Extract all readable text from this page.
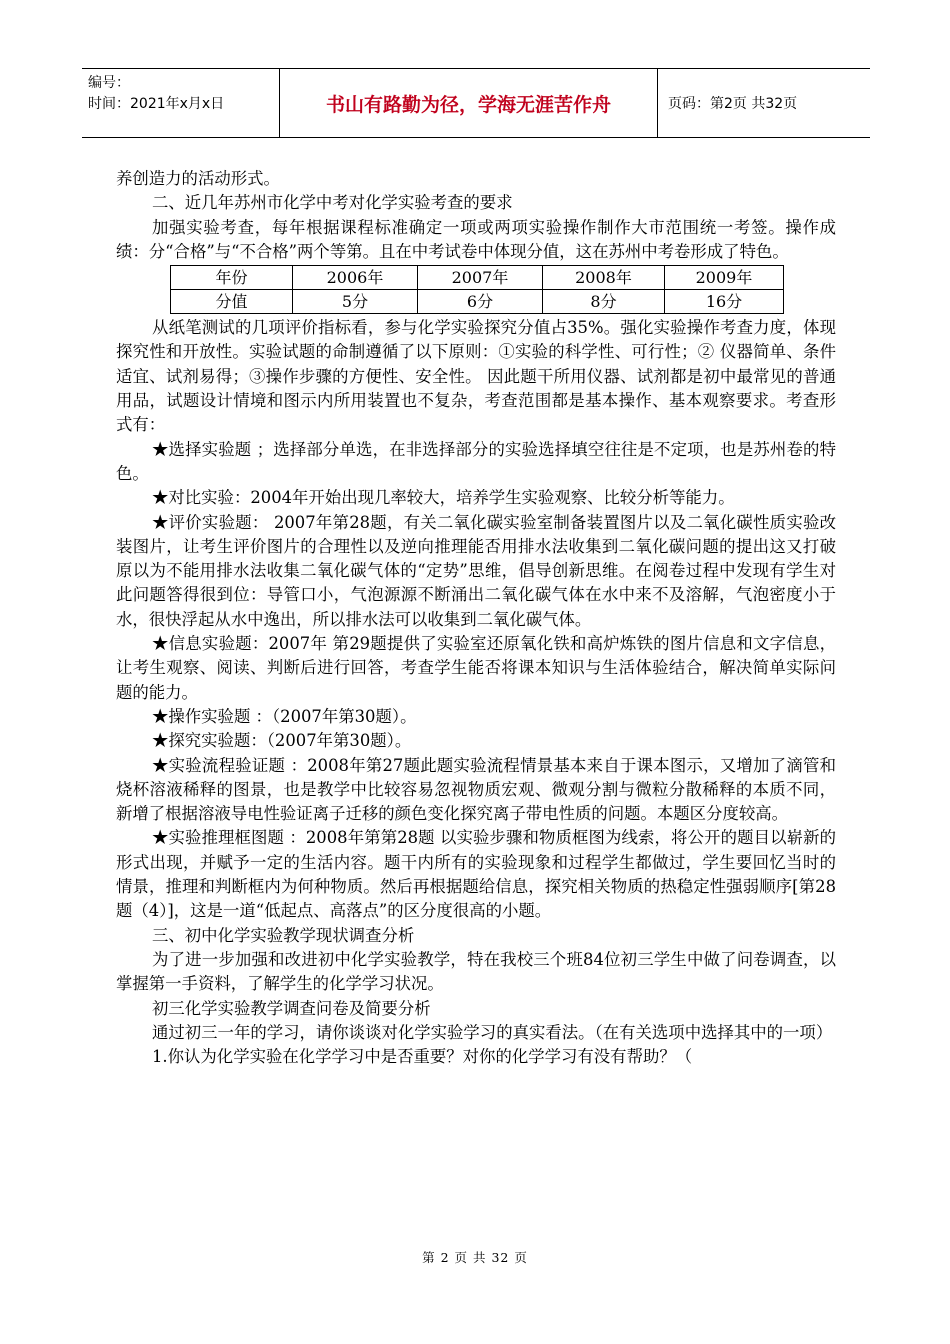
编号：
时间：2021年x月x日	书山有路勤为径，学海无涯苦作舟	页码：第2页 共32页

养创造力的活动形式。

二、近几年苏州市化学中考对化学实验考查的要求

加强实验考查，每年根据课程标准确定一项或两项实验操作制作大市范围统一考签。操作成绩：分“合格”与“不合格”两个等第。且在中考试卷中体现分值，这在苏州中考卷形成了特色。

年份	2006年	2007年	2008年	2009年
分值	5分	6分	8分	16分

从纸笔测试的几项评价指标看，参与化学实验探究分值占35%。强化实验操作考查力度，体现探究性和开放性。实验试题的命制遵循了以下原则：①实验的科学性、可行性；② 仪器简单、条件适宜、试剂易得；③操作步骤的方便性、安全性。 因此题干所用仪器、试剂都是初中最常见的普通用品，试题设计情境和图示内所用装置也不复杂，考查范围都是基本操作、基本观察要求。考查形式有：

★选择实验题 ；选择部分单选，在非选择部分的实验选择填空往往是不定项，也是苏州卷的特色。

★对比实验：2004年开始出现几率较大，培养学生实验观察、比较分析等能力。

★评价实验题： 2007年第28题，有关二氧化碳实验室制备装置图片以及二氧化碳性质实验改装图片，让考生评价图片的合理性以及逆向推理能否用排水法收集到二氧化碳问题的提出这又打破原以为不能用排水法收集二氧化碳气体的“定势”思维，倡导创新思维。在阅卷过程中发现有学生对此问题答得很到位：导管口小，气泡源源不断涌出二氧化碳气体在水中来不及溶解，气泡密度小于水，很快浮起从水中逸出，所以排水法可以收集到二氧化碳气体。

★信息实验题：2007年 第29题提供了实验室还原氧化铁和高炉炼铁的图片信息和文字信息，让考生观察、阅读、判断后进行回答，考查学生能否将课本知识与生活体验结合，解决简单实际问题的能力。

★操作实验题 ：（2007年第30题）。

★探究实验题：（2007年第30题）。

★实验流程验证题 ：2008年第27题此题实验流程情景基本来自于课本图示，又增加了滴管和烧杯溶液稀释的图景，也是教学中比较容易忽视物质宏观、微观分割与微粒分散稀释的本质不同，新增了根据溶液导电性验证离子迁移的颜色变化探究离子带电性质的问题。本题区分度较高。

★实验推理框图题 ：2008年第第28题 以实验步骤和物质框图为线索，将公开的题目以崭新的形式出现，并赋予一定的生活内容。题干内所有的实验现象和过程学生都做过，学生要回忆当时的情景，推理和判断框内为何种物质。然后再根据题给信息，探究相关物质的热稳定性强弱顺序[第28题（4）]，这是一道“低起点、高落点”的区分度很高的小题。

三、初中化学实验教学现状调查分析

为了进一步加强和改进初中化学实验教学，特在我校三个班84位初三学生中做了问卷调查，以掌握第一手资料，了解学生的化学学习状况。

初三化学实验教学调查问卷及简要分析

通过初三一年的学习，请你谈谈对化学实验学习的真实看法。（在有关选项中选择其中的一项）

1.你认为化学实验在化学学习中是否重要？对你的化学学习有没有帮助？（

第 2 页 共 32 页
